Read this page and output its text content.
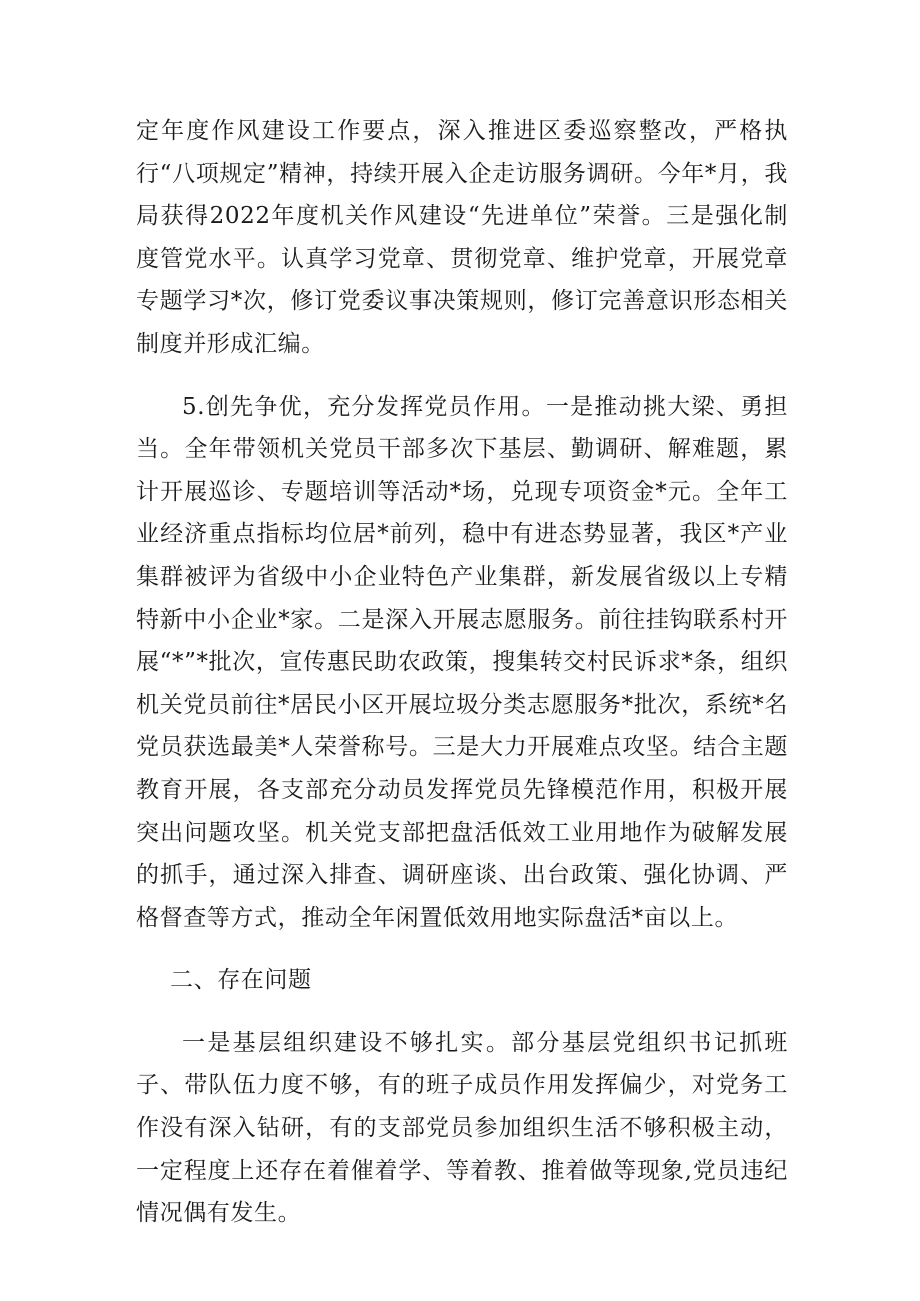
定年度作风建设工作要点，深入推进区委巡察整改，严格执行“八项规定”精神，持续开展入企走访服务调研。今年*月，我局获得2022年度机关作风建设“先进单位”荣誉。三是强化制度管党水平。认真学习党章、贯彻党章、维护党章，开展党章专题学习*次，修订党委议事决策规则，修订完善意识形态相关制度并形成汇编。

5.创先争优，充分发挥党员作用。一是推动挑大梁、勇担当。全年带领机关党员干部多次下基层、勤调研、解难题，累计开展巡诊、专题培训等活动*场，兑现专项资金*元。全年工业经济重点指标均位居*前列，稳中有进态势显著，我区*产业集群被评为省级中小企业特色产业集群，新发展省级以上专精特新中小企业*家。二是深入开展志愿服务。前往挂钩联系村开展“*”*批次，宣传惠民助农政策，搜集转交村民诉求*条，组织机关党员前往*居民小区开展垃圾分类志愿服务*批次，系统*名党员获选最美*人荣誉称号。三是大力开展难点攻坚。结合主题教育开展，各支部充分动员发挥党员先锋模范作用，积极开展突出问题攻坚。机关党支部把盘活低效工业用地作为破解发展的抓手，通过深入排查、调研座谈、出台政策、强化协调、严格督查等方式，推动全年闲置低效用地实际盘活*亩以上。

二、存在问题

一是基层组织建设不够扎实。部分基层党组织书记抓班子、带队伍力度不够，有的班子成员作用发挥偏少，对党务工作没有深入钻研，有的支部党员参加组织生活不够积极主动，一定程度上还存在着催着学、等着教、推着做等现象,党员违纪情况偶有发生。
